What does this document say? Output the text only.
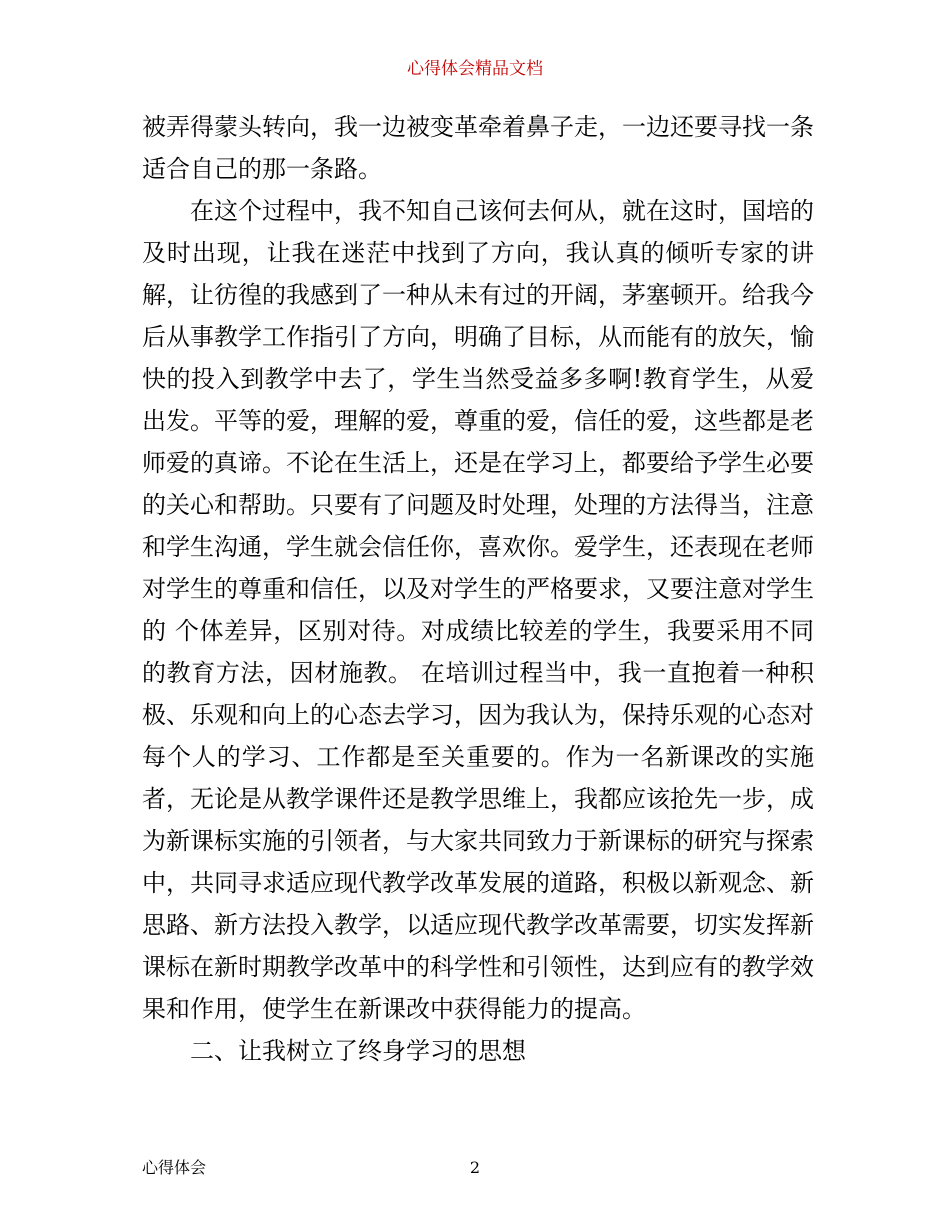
心得体会精品文档

被弄得蒙头转向，我一边被变革牵着鼻子走，一边还要寻找一条适合自己的那一条路。

在这个过程中，我不知自己该何去何从，就在这时，国培的及时出现，让我在迷茫中找到了方向，我认真的倾听专家的讲解，让彷徨的我感到了一种从未有过的开阔，茅塞顿开。给我今后从事教学工作指引了方向，明确了目标，从而能有的放矢，愉快的投入到教学中去了，学生当然受益多多啊!教育学生，从爱出发。平等的爱，理解的爱，尊重的爱，信任的爱，这些都是老师爱的真谛。不论在生活上，还是在学习上，都要给予学生必要的关心和帮助。只要有了问题及时处理，处理的方法得当，注意和学生沟通，学生就会信任你，喜欢你。爱学生，还表现在老师对学生的尊重和信任，以及对学生的严格要求，又要注意对学生的 个体差异，区别对待。对成绩比较差的学生，我要采用不同的教育方法，因材施教。 在培训过程当中，我一直抱着一种积极、乐观和向上的心态去学习，因为我认为，保持乐观的心态对每个人的学习、工作都是至关重要的。作为一名新课改的实施者，无论是从教学课件还是教学思维上，我都应该抢先一步，成为新课标实施的引领者，与大家共同致力于新课标的研究与探索中，共同寻求适应现代教学改革发展的道路，积极以新观念、新思路、新方法投入教学，以适应现代教学改革需要，切实发挥新课标在新时期教学改革中的科学性和引领性，达到应有的教学效果和作用，使学生在新课改中获得能力的提高。

二、让我树立了终身学习的思想

心得体会	2
